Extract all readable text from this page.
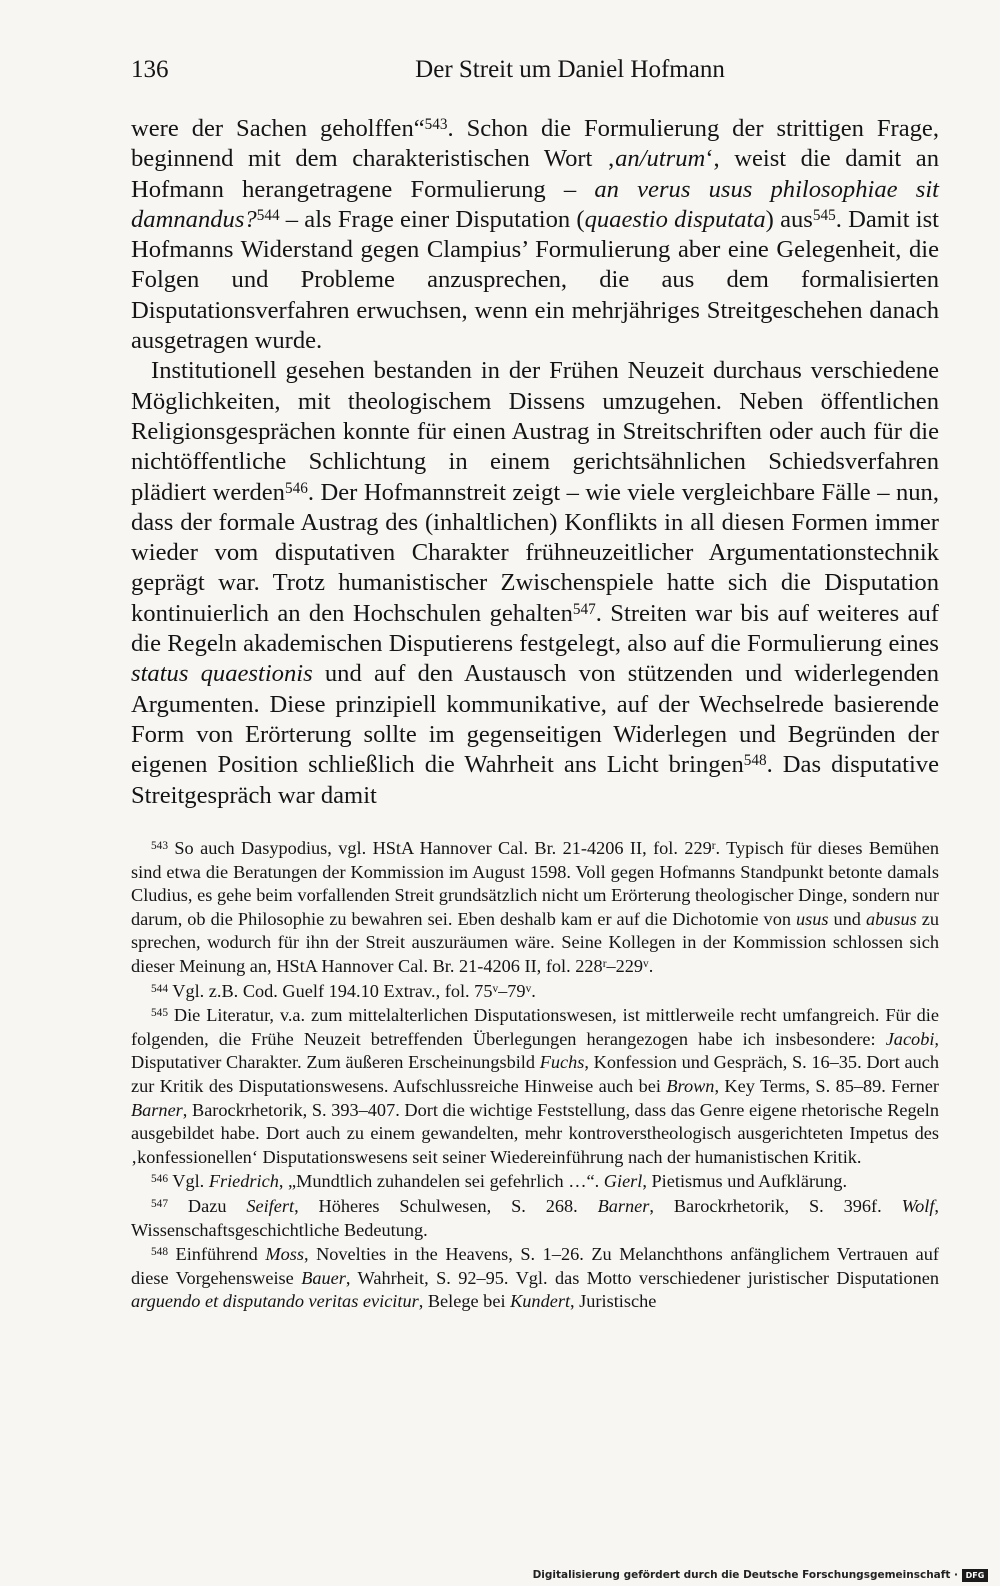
136	Der Streit um Daniel Hofmann

were der Sachen geholffen“$^{543}$. Schon die Formulierung der strittigen Frage, beginnend mit dem charakteristischen Wort ‚an/utrum‘, weist die damit an Hofmann herangetragene Formulierung – an verus usus philosophiae sit damnandus?$^{544}$ – als Frage einer Disputation (quaestio disputata) aus$^{545}$. Damit ist Hofmanns Widerstand gegen Clampius’ Formulierung aber eine Gelegenheit, die Folgen und Probleme anzusprechen, die aus dem formalisierten Disputationsverfahren erwuchsen, wenn ein mehrjähriges Streitgeschehen danach ausgetragen wurde.

Institutionell gesehen bestanden in der Frühen Neuzeit durchaus verschiedene Möglichkeiten, mit theologischem Dissens umzugehen. Neben öffentlichen Religionsgesprächen konnte für einen Austrag in Streitschriften oder auch für die nichtöffentliche Schlichtung in einem gerichtsähnlichen Schiedsverfahren plädiert werden$^{546}$. Der Hofmannstreit zeigt – wie viele vergleichbare Fälle – nun, dass der formale Austrag des (inhaltlichen) Konflikts in all diesen Formen immer wieder vom disputativen Charakter frühneuzeitlicher Argumentationstechnik geprägt war. Trotz humanistischer Zwischenspiele hatte sich die Disputation kontinuierlich an den Hochschulen gehalten$^{547}$. Streiten war bis auf weiteres auf die Regeln akademischen Disputierens festgelegt, also auf die Formulierung eines status quaestionis und auf den Austausch von stützenden und widerlegenden Argumenten. Diese prinzipiell kommunikative, auf der Wechselrede basierende Form von Erörterung sollte im gegenseitigen Widerlegen und Begründen der eigenen Position schließlich die Wahrheit ans Licht bringen$^{548}$. Das disputative Streitgespräch war damit

$^{543}$ So auch Dasypodius, vgl. HStA Hannover Cal. Br. 21-4206 II, fol. 229$^r$. Typisch für dieses Bemühen sind etwa die Beratungen der Kommission im August 1598. Voll gegen Hofmanns Standpunkt betonte damals Cludius, es gehe beim vorfallenden Streit grundsätzlich nicht um Erörterung theologischer Dinge, sondern nur darum, ob die Philosophie zu bewahren sei. Eben deshalb kam er auf die Dichotomie von usus und abusus zu sprechen, wodurch für ihn der Streit auszuräumen wäre. Seine Kollegen in der Kommission schlossen sich dieser Meinung an, HStA Hannover Cal. Br. 21-4206 II, fol. 228$^r$–229$^v$.

$^{544}$ Vgl. z.B. Cod. Guelf 194.10 Extrav., fol. 75$^v$–79$^v$.

$^{545}$ Die Literatur, v.a. zum mittelalterlichen Disputationswesen, ist mittlerweile recht umfangreich. Für die folgenden, die Frühe Neuzeit betreffenden Überlegungen herangezogen habe ich insbesondere: Jacobi, Disputativer Charakter. Zum äußeren Erscheinungsbild Fuchs, Konfession und Gespräch, S. 16–35. Dort auch zur Kritik des Disputationswesens. Aufschlussreiche Hinweise auch bei Brown, Key Terms, S. 85–89. Ferner Barner, Barockrhetorik, S. 393–407. Dort die wichtige Feststellung, dass das Genre eigene rhetorische Regeln ausgebildet habe. Dort auch zu einem gewandelten, mehr kontroverstheologisch ausgerichteten Impetus des ‚konfessionellen‘ Disputationswesens seit seiner Wiedereinführung nach der humanistischen Kritik.

$^{546}$ Vgl. Friedrich, „Mundtlich zuhandelen sei gefehrlich …“. Gierl, Pietismus und Aufklärung.

$^{547}$ Dazu Seifert, Höheres Schulwesen, S. 268. Barner, Barockrhetorik, S. 396f. Wolf, Wissenschaftsgeschichtliche Bedeutung.

$^{548}$ Einführend Moss, Novelties in the Heavens, S. 1–26. Zu Melanchthons anfänglichem Vertrauen auf diese Vorgehensweise Bauer, Wahrheit, S. 92–95. Vgl. das Motto verschiedener juristischer Disputationen arguendo et disputando veritas evicitur, Belege bei Kundert, Juristische

Digitalisierung gefördert durch die Deutsche Forschungsgemeinschaft · DFG
